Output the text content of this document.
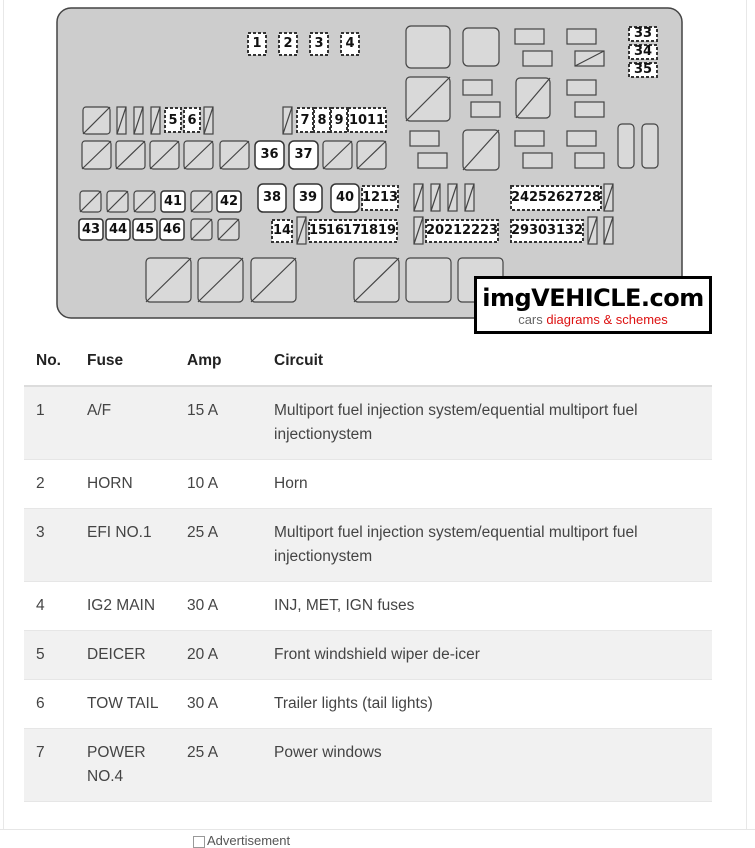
1 2 3 4
5 6	7 8 9 10 11
12 13
14 15
16
17
18 19 20 21 22 23
24 25 26 27 28
29 30 31 32
33
34
35
36	37
38	39	40
41	42
43 44 45 46
imgVEHICLE.com
cars diagrams & schemes
No.	Fuse	Amp	Circuit
1	A/F	15 A	Multiport fuel injection system/equential multiport fuel injectionystem
2	HORN	10 A	Horn
3	EFI NO.1	25 A	Multiport fuel injection system/equential multiport fuel injectionystem
4	IG2 MAIN	30 A	INJ, MET, IGN fuses
5	DEICER	20 A	Front windshield wiper de-icer
6	TOW TAIL	30 A	Trailer lights (tail lights)
7	POWER NO.4	25 A	Power windows
Advertisement
